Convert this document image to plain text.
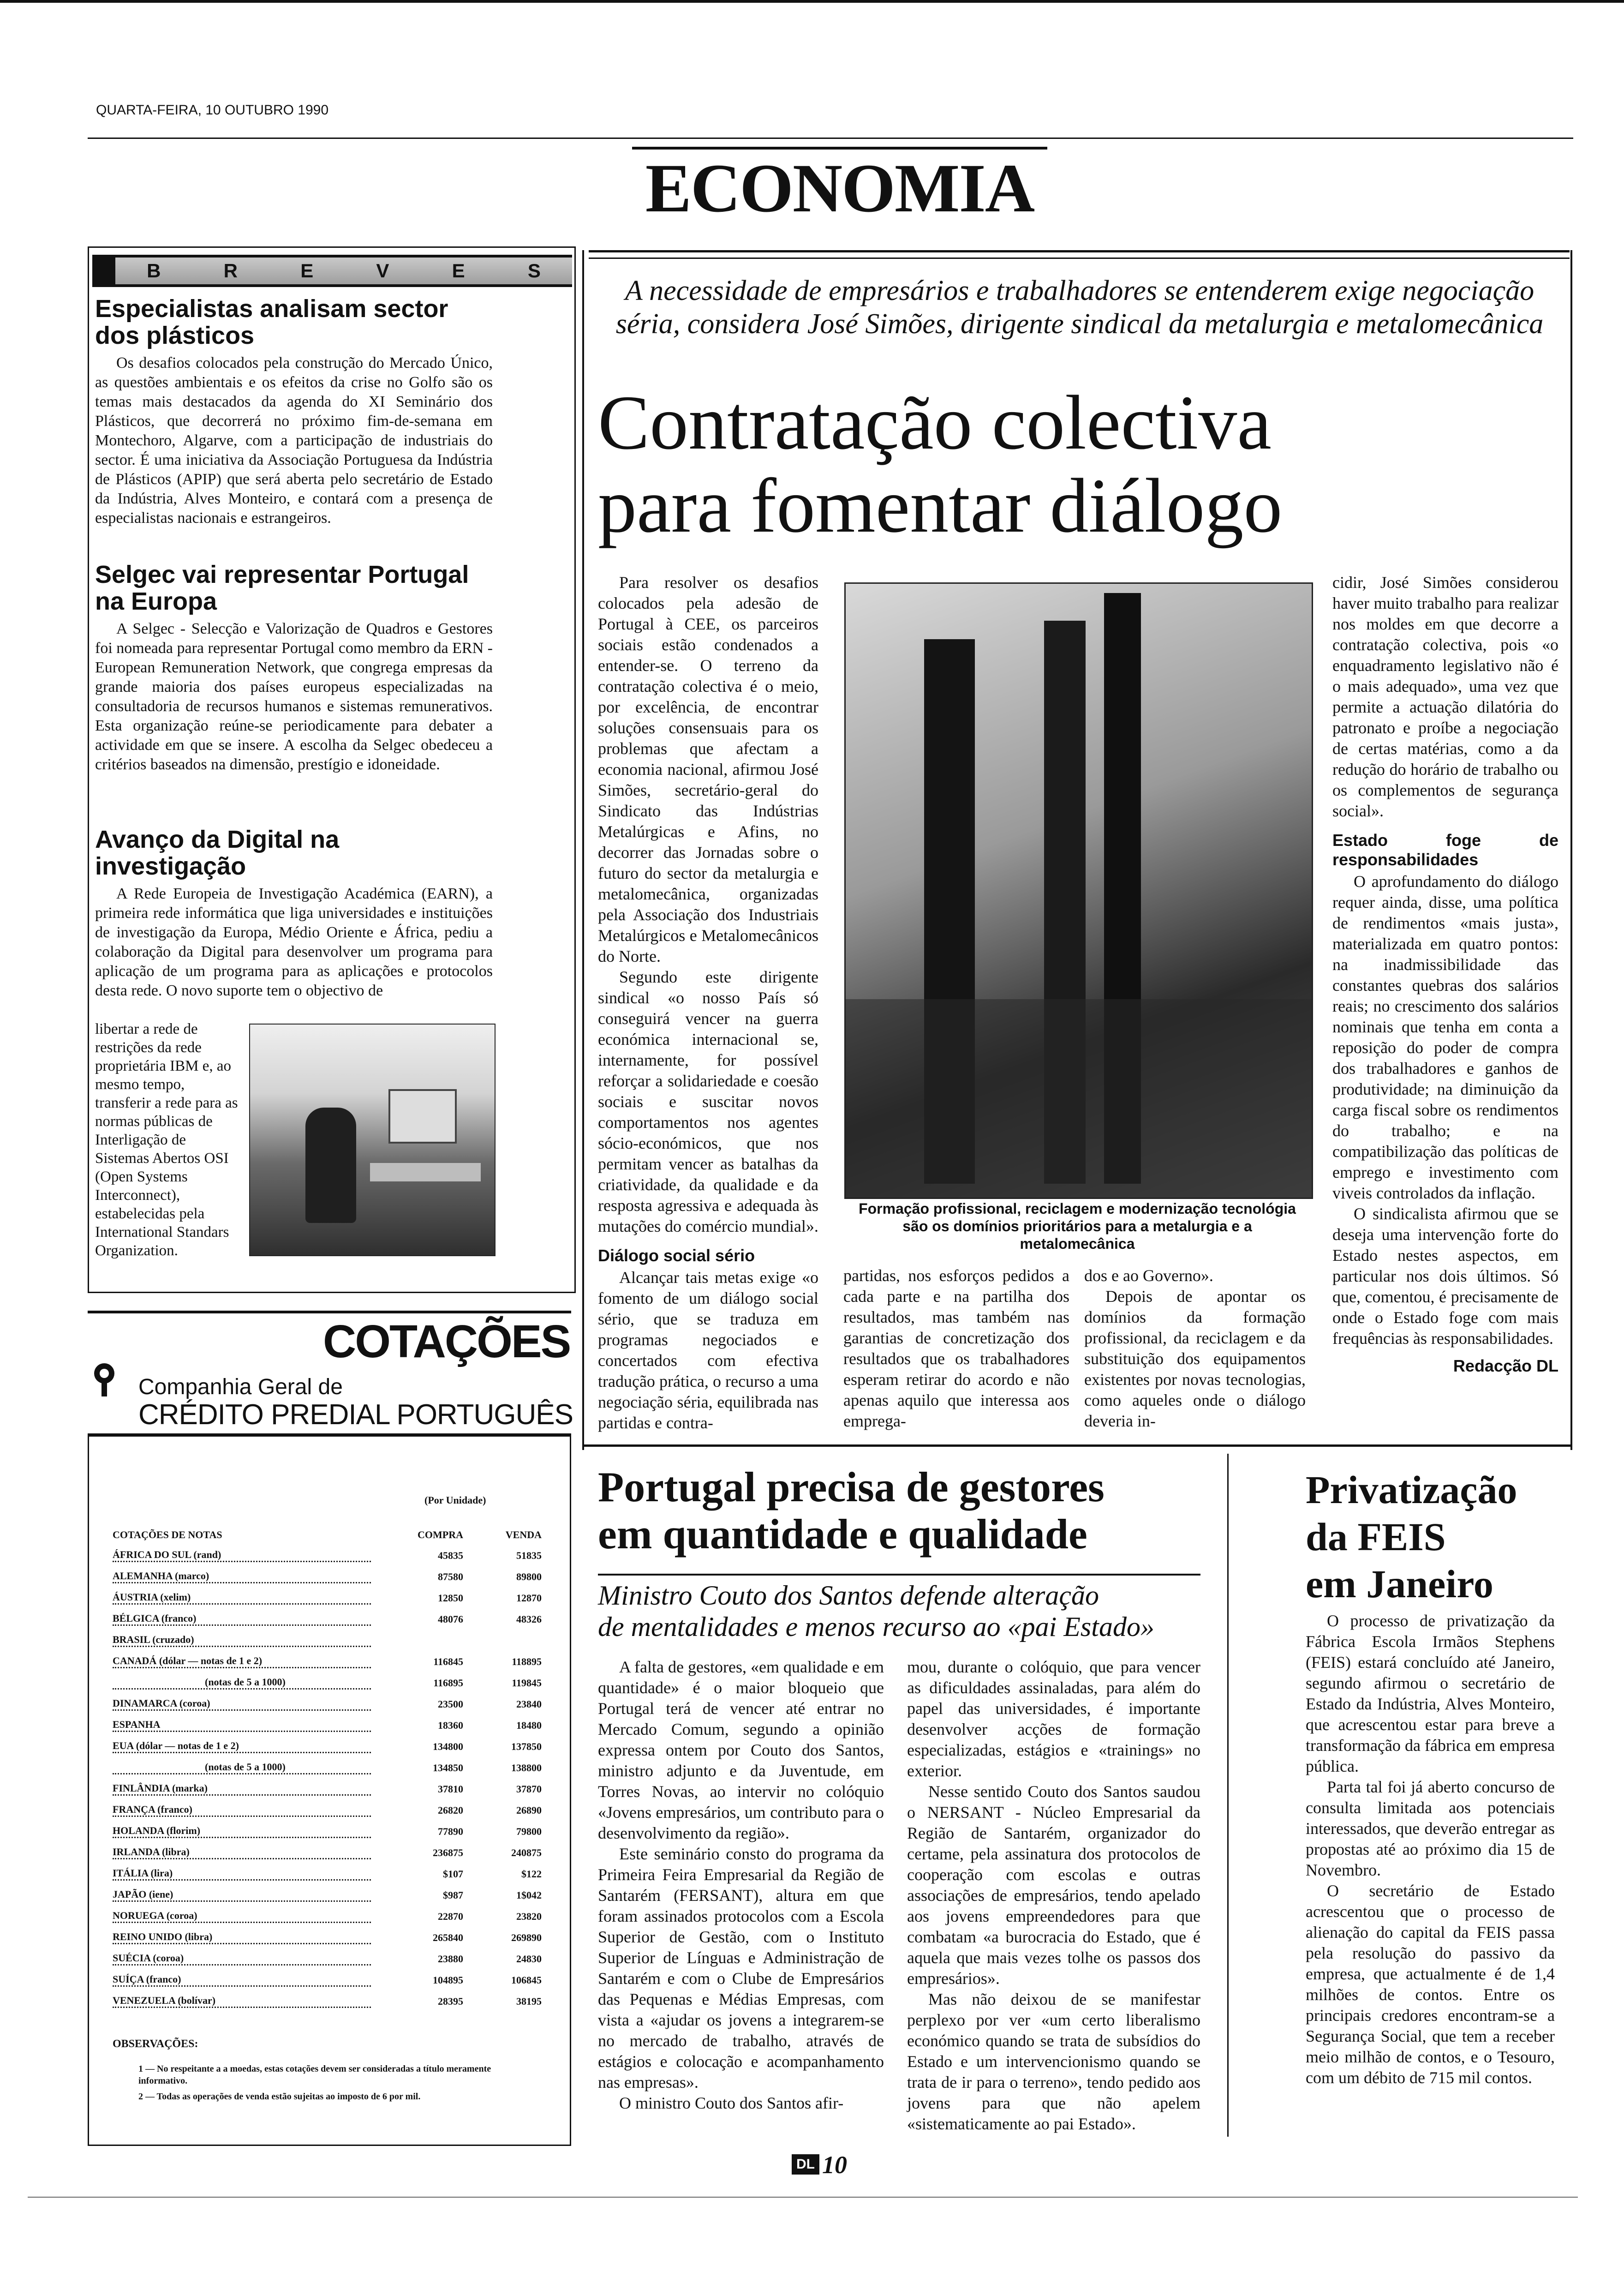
QUARTA-FEIRA, 10 OUTUBRO 1990
ECONOMIA
B	R	E	V	E	S
Especialistas analisam sector dos plásticos

Os desafios colocados pela construção do Mercado Único, as questões ambientais e os efeitos da crise no Golfo são os temas mais destacados da agenda do XI Seminário dos Plásticos, que decorrerá no próximo fim-de-semana em Montechoro, Algarve, com a participação de industriais do sector. É uma iniciativa da Associação Portuguesa da Indústria de Plásticos (APIP) que será aberta pelo secretário de Estado da Indústria, Alves Monteiro, e contará com a presença de especialistas nacionais e estrangeiros.

Selgec vai representar Portugal na Europa

A Selgec - Selecção e Valorização de Quadros e Gestores foi nomeada para representar Portugal como membro da ERN - European Remuneration Network, que congrega empresas da grande maioria dos países europeus especializadas na consultadoria de recursos humanos e sistemas remunerativos. Esta organização reúne-se periodicamente para debater a actividade em que se insere. A escolha da Selgec obedeceu a critérios baseados na dimensão, prestígio e idoneidade.

Avanço da Digital na investigação

A Rede Europeia de Investigação Académica (EARN), a primeira rede informática que liga universidades e instituições de investigação da Europa, Médio Oriente e África, pediu a colaboração da Digital para desenvolver um programa para aplicação de um programa para as aplicações e protocolos desta rede. O novo suporte tem o objectivo de

libertar a rede de restrições da rede proprietária IBM e, ao mesmo tempo, transferir a rede para as normas públicas de Interligação de Sistemas Abertos OSI (Open Systems Interconnect), estabelecidas pela International Standars Organization.
A necessidade de empresários e trabalhadores se entenderem exige negociação séria, considera José Simões, dirigente sindical da metalurgia e metalomecânica
Contratação colectiva
para fomentar diálogo

Para resolver os desafios colocados pela adesão de Portugal à CEE, os parceiros sociais estão condenados a entender-se. O terreno da contratação colectiva é o meio, por excelência, de encontrar soluções consensuais para os problemas que afectam a economia nacional, afirmou José Simões, secretário-geral do Sindicato das Indústrias Metalúrgicas e Afins, no decorrer das Jornadas sobre o futuro do sector da metalurgia e metalomecânica, organizadas pela Associação dos Industriais Metalúrgicos e Metalomecânicos do Norte.

Segundo este dirigente sindical «o nosso País só conseguirá vencer na guerra económica internacional se, internamente, for possível reforçar a solidariedade e coesão sociais e suscitar novos comportamentos nos agentes sócio-económicos, que nos permitam vencer as batalhas da criatividade, da qualidade e da resposta agressiva e adequada às mutações do comércio mundial».

Diálogo social sério

Alcançar tais metas exige «o fomento de um diálogo social sério, que se traduza em programas negociados e concertados com efectiva tradução prática, o recurso a uma negociação séria, equilibrada nas partidas e contra-

Formação profissional, reciclagem e modernização tecnológia são os domínios prioritários para a metalurgia e a metalomecânica

partidas, nos esforços pedidos a cada parte e na partilha dos resultados, mas também nas garantias de concretização dos resultados que os trabalhadores esperam retirar do acordo e não apenas aquilo que interessa aos emprega-

dos e ao Governo».

Depois de apontar os domínios da formação profissional, da reciclagem e da substituição dos equipamentos existentes por novas tecnologias, como aqueles onde o diálogo deveria in-

cidir, José Simões considerou haver muito trabalho para realizar nos moldes em que decorre a contratação colectiva, pois «o enquadramento legislativo não é o mais adequado», uma vez que permite a actuação dilatória do patronato e proíbe a negociação de certas matérias, como a da redução do horário de trabalho ou os complementos de segurança social».

Estado foge de responsabilidades

O aprofundamento do diálogo requer ainda, disse, uma política de rendimentos «mais justa», materializada em quatro pontos: na inadmissibilidade das constantes quebras dos salários reais; no crescimento dos salários nominais que tenha em conta a reposição do poder de compra dos trabalhadores e ganhos de produtividade; na diminuição da carga fiscal sobre os rendimentos do trabalho; e na compatibilização das políticas de emprego e investimento com viveis controlados da inflação.

O sindicalista afirmou que se deseja uma intervenção forte do Estado nestes aspectos, em particular nos dois últimos. Só que, comentou, é precisamente de onde o Estado foge com mais frequências às responsabilidades.

Redacção DL
COTAÇÕES
Companhia Geral de
CRÉDITO PREDIAL PORTUGUÊS
(Por Unidade)
COTAÇÕES DE NOTAS	COMPRA	VENDA
ÁFRICA DO SUL (rand)	45835	51835
ALEMANHA (marco)	87580	89800
ÁUSTRIA (xelim)	12850	12870
BÉLGICA (franco)	48076	48326
BRASIL (cruzado)		
CANADÁ (dólar — notas de 1 e 2)	116845	118895
(notas de 5 a 1000)	116895	119845
DINAMARCA (coroa)	23500	23840
ESPANHA	18360	18480
EUA (dólar — notas de 1 e 2)	134800	137850
(notas de 5 a 1000)	134850	138800
FINLÂNDIA (marka)	37810	37870
FRANÇA (franco)	26820	26890
HOLANDA (florim)	77890	79800
IRLANDA (libra)	236875	240875
ITÁLIA (lira)	$107	$122
JAPÃO (iene)	$987	1$042
NORUEGA (coroa)	22870	23820
REINO UNIDO (libra)	265840	269890
SUÉCIA (coroa)	23880	24830
SUÍÇA (franco)	104895	106845
VENEZUELA (bolívar)	28395	38195
OBSERVAÇÕES:
1 — No respeitante a a moedas, estas cotações devem ser consideradas a título meramente informativo.
2 — Todas as operações de venda estão sujeitas ao imposto de 6 por mil.
Portugal precisa de gestores
em quantidade e qualidade
Ministro Couto dos Santos defende alteração
de mentalidades e menos recurso ao «pai Estado»

A falta de gestores, «em qualidade e em quantidade» é o maior bloqueio que Portugal terá de vencer até entrar no Mercado Comum, segundo a opinião expressa ontem por Couto dos Santos, ministro adjunto e da Juventude, em Torres Novas, ao intervir no colóquio «Jovens empresários, um contributo para o desenvolvimento da região».

Este seminário consto do programa da Primeira Feira Empresarial da Região de Santarém (FERSANT), altura em que foram assinados protocolos com a Escola Superior de Gestão, com o Instituto Superior de Línguas e Administração de Santarém e com o Clube de Empresários das Pequenas e Médias Empresas, com vista a «ajudar os jovens a integrarem-se no mercado de trabalho, através de estágios e colocação e acompanhamento nas empresas».

O ministro Couto dos Santos afir-

mou, durante o colóquio, que para vencer as dificuldades assinaladas, para além do papel das universidades, é importante desenvolver acções de formação especializadas, estágios e «trainings» no exterior.

Nesse sentido Couto dos Santos saudou o NERSANT - Núcleo Empresarial da Região de Santarém, organizador do certame, pela assinatura dos protocolos de cooperação com escolas e outras associações de empresários, tendo apelado aos jovens empreendedores para que combatam «a burocracia do Estado, que é aquela que mais vezes tolhe os passos dos empresários».

Mas não deixou de se manifestar perplexo por ver «um certo liberalismo económico quando se trata de subsídios do Estado e um intervencionismo quando se trata de ir para o terreno», tendo pedido aos jovens para que não apelem «sistematicamente ao pai Estado».

Privatização
da FEIS
em Janeiro

O processo de privatização da Fábrica Escola Irmãos Stephens (FEIS) estará concluído até Janeiro, segundo afirmou o secretário de Estado da Indústria, Alves Monteiro, que acrescentou estar para breve a transformação da fábrica em empresa pública.

Parta tal foi já aberto concurso de consulta limitada aos potenciais interessados, que deverão entregar as propostas até ao próximo dia 15 de Novembro.

O secretário de Estado acrescentou que o processo de alienação do capital da FEIS passa pela resolução do passivo da empresa, que actualmente é de 1,4 milhões de contos. Entre os principais credores encontram-se a Segurança Social, que tem a receber meio milhão de contos, e o Tesouro, com um débito de 715 mil contos.

DL 10
